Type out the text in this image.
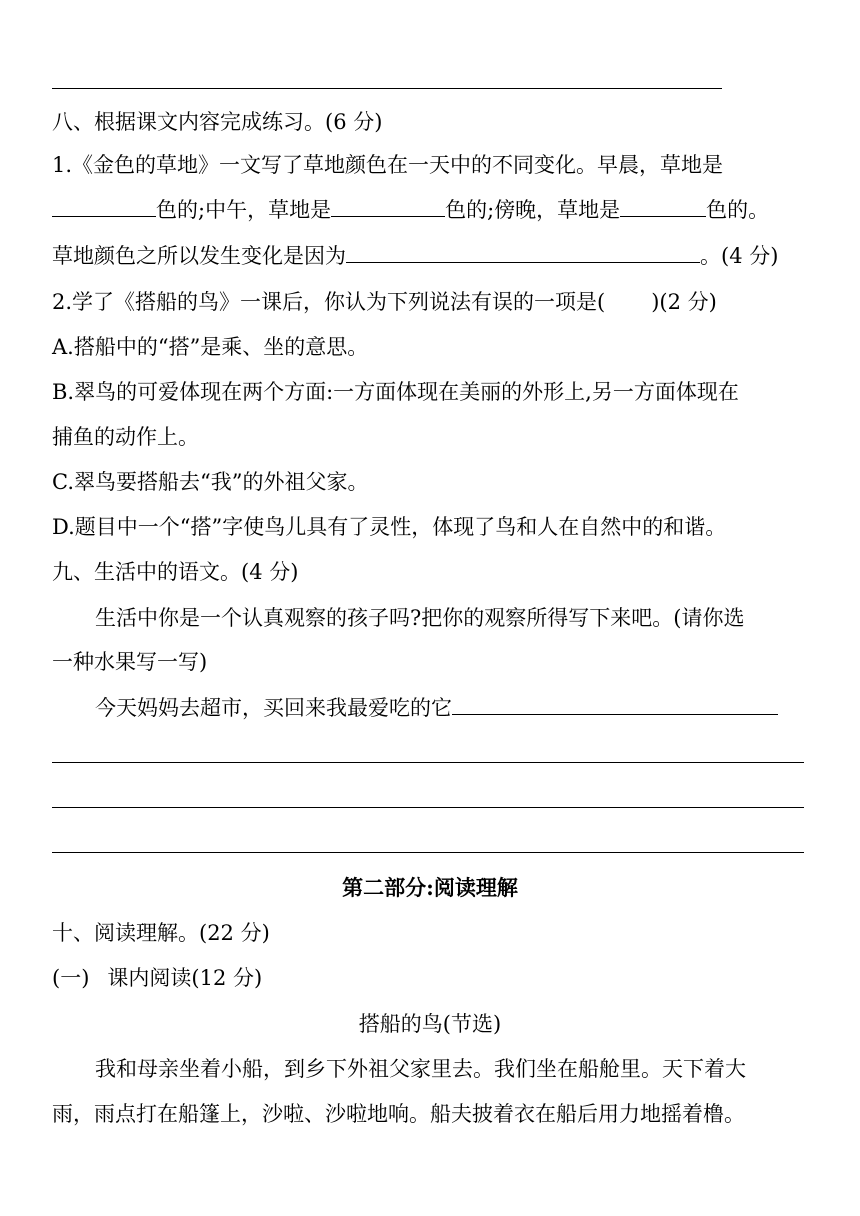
八、根据课文内容完成练习。(6 分)
1.《金色的草地》一文写了草地颜色在一天中的不同变化。早晨，草地是
色的;中午，草地是	色的;傍晚，草地是	色的。
草地颜色之所以发生变化是因为	。(4 分)
2.学了《搭船的鸟》一课后，你认为下列说法有误的一项是( )(2 分)
A.搭船中的“搭”是乘、坐的意思。
B.翠鸟的可爱体现在两个方面:一方面体现在美丽的外形上,另一方面体现在
捕鱼的动作上。
C.翠鸟要搭船去“我”的外祖父家。
D.题目中一个“搭”字使鸟儿具有了灵性，体现了鸟和人在自然中的和谐。
九、生活中的语文。(4 分)
生活中你是一个认真观察的孩子吗?把你的观察所得写下来吧。(请你选
一种水果写一写)
今天妈妈去超市，买回来我最爱吃的它
第二部分:阅读理解
十、阅读理解。(22 分)
(一) 课内阅读(12 分)
搭船的鸟(节选)
我和母亲坐着小船，到乡下外祖父家里去。我们坐在船舱里。天下着大
雨，雨点打在船篷上，沙啦、沙啦地响。船夫披着衣在船后用力地摇着橹。
